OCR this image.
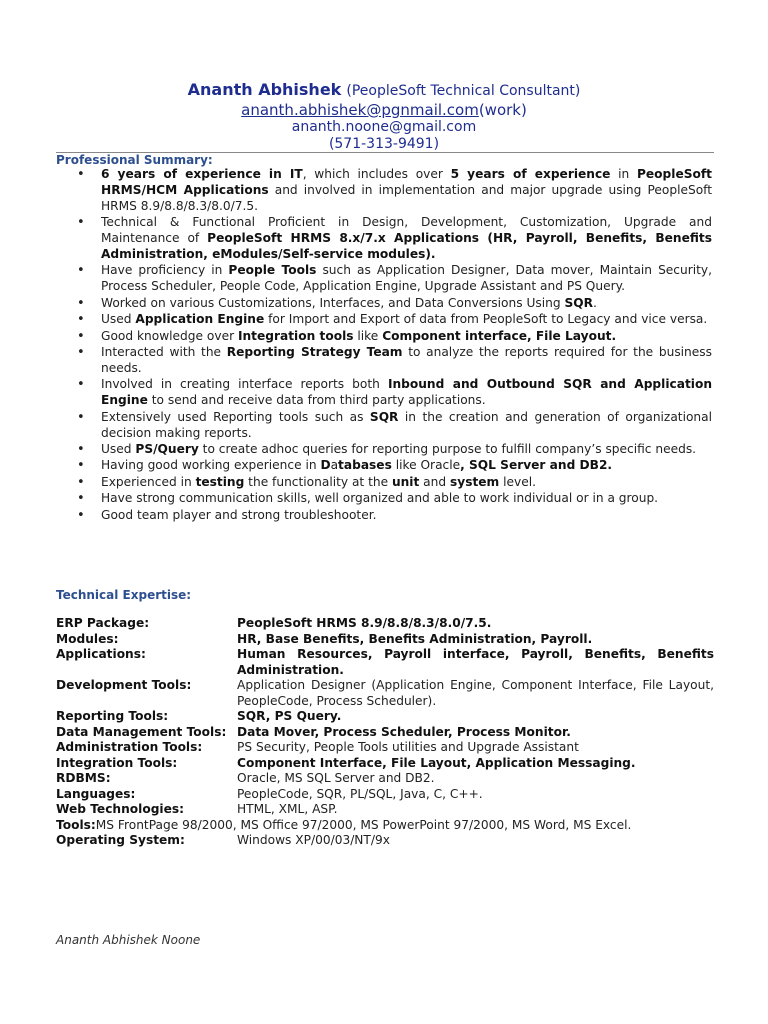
Ananth Abhishek (PeopleSoft Technical Consultant)
ananth.abhishek@pgnmail.com(work)
ananth.noone@gmail.com
(571-313-9491)
Professional Summary:
• 6 years of experience in IT, which includes over 5 years of experience in PeopleSoft HRMS/HCM Applications and involved in implementation and major upgrade using PeopleSoft HRMS 8.9/8.8/8.3/8.0/7.5.
• Technical & Functional Proficient in Design, Development, Customization, Upgrade and Maintenance of PeopleSoft HRMS 8.x/7.x Applications (HR, Payroll, Benefits, Benefits Administration, eModules/Self-service modules).
• Have proficiency in People Tools such as Application Designer, Data mover, Maintain Security, Process Scheduler, People Code, Application Engine, Upgrade Assistant and PS Query.
• Worked on various Customizations, Interfaces, and Data Conversions Using SQR.
• Used Application Engine for Import and Export of data from PeopleSoft to Legacy and vice versa.
• Good knowledge over Integration tools like Component interface, File Layout.
• Interacted with the Reporting Strategy Team to analyze the reports required for the business needs.
• Involved in creating interface reports both Inbound and Outbound SQR and Application Engine to send and receive data from third party applications.
• Extensively used Reporting tools such as SQR in the creation and generation of organizational decision making reports.
• Used PS/Query to create adhoc queries for reporting purpose to fulfill company’s specific needs.
• Having good working experience in Databases like Oracle, SQL Server and DB2.
• Experienced in testing the functionality at the unit and system level.
• Have strong communication skills, well organized and able to work individual or in a group.
• Good team player and strong troubleshooter.
Technical Expertise:
ERP Package:	PeopleSoft HRMS 8.9/8.8/8.3/8.0/7.5.
Modules:	HR, Base Benefits, Benefits Administration, Payroll.
Applications:	Human Resources, Payroll interface, Payroll, Benefits, Benefits Administration.
Development Tools:	Application Designer (Application Engine, Component Interface, File Layout, PeopleCode, Process Scheduler).
Reporting Tools:	SQR, PS Query.
Data Management Tools: Data Mover, Process Scheduler, Process Monitor.
Administration Tools:	PS Security, People Tools utilities and Upgrade Assistant
Integration Tools:	Component Interface, File Layout, Application Messaging.
RDBMS:	Oracle, MS SQL Server and DB2.
Languages:	PeopleCode, SQR, PL/SQL, Java, C, C++.
Web Technologies:	HTML, XML, ASP.
Tools: MS FrontPage 98/2000, MS Office 97/2000, MS PowerPoint 97/2000, MS Word, MS Excel.
Operating System:	Windows XP/00/03/NT/9x
Ananth Abhishek Noone
